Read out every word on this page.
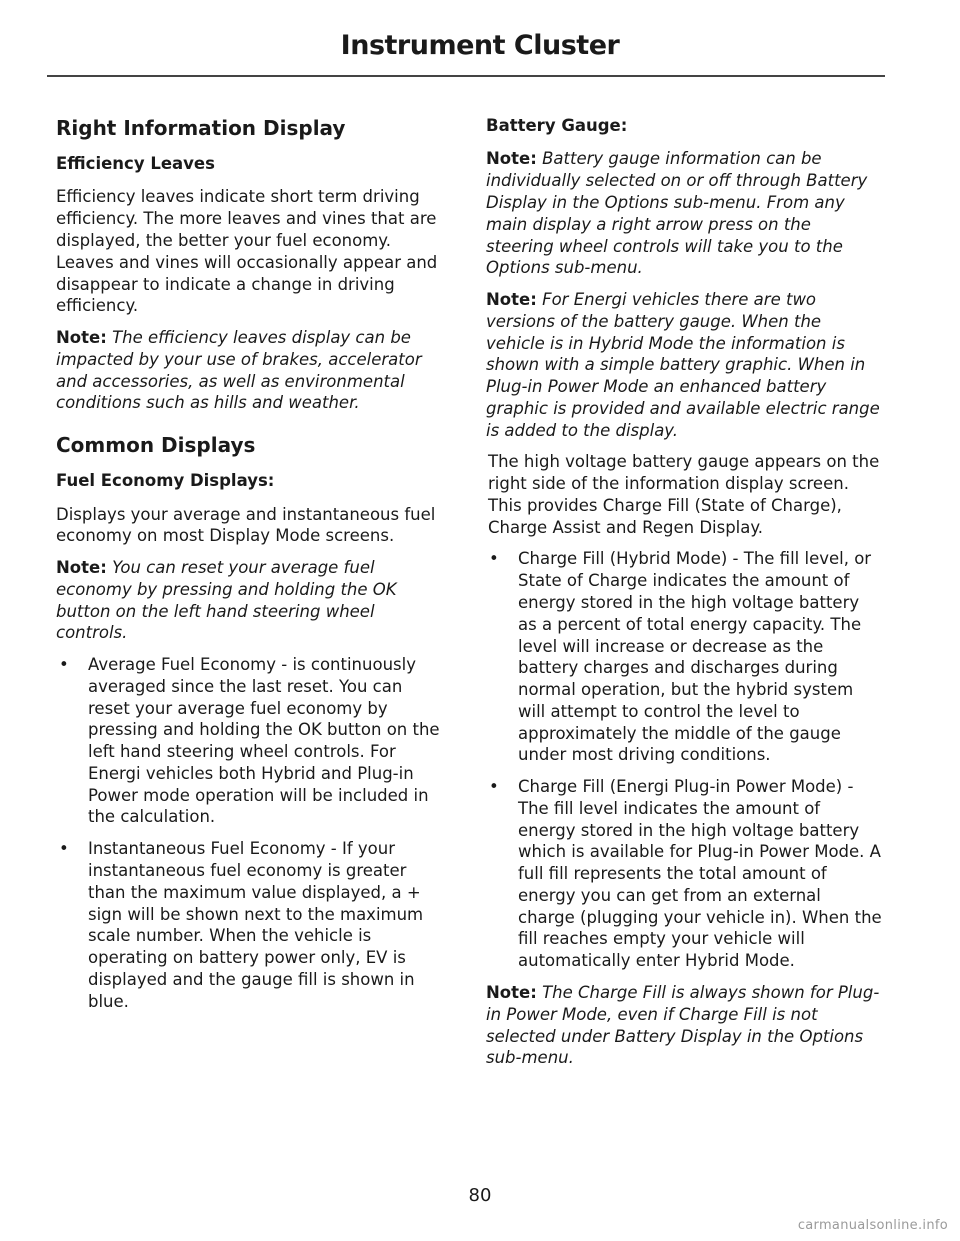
Instrument Cluster
Right Information Display
Efficiency Leaves

Efficiency leaves indicate short term driving efficiency. The more leaves and vines that are displayed, the better your fuel economy. Leaves and vines will occasionally appear and disappear to indicate a change in driving efficiency.

Note: The efficiency leaves display can be impacted by your use of brakes, accelerator and accessories, as well as environmental conditions such as hills and weather.

Common Displays
Fuel Economy Displays:

Displays your average and instantaneous fuel economy on most Display Mode screens.

Note: You can reset your average fuel economy by pressing and holding the OK button on the left hand steering wheel controls.

• Average Fuel Economy - is continuously averaged since the last reset. You can reset your average fuel economy by pressing and holding the OK button on the left hand steering wheel controls. For Energi vehicles both Hybrid and Plug-in Power mode operation will be included in the calculation.
• Instantaneous Fuel Economy - If your instantaneous fuel economy is greater than the maximum value displayed, a + sign will be shown next to the maximum scale number. When the vehicle is operating on battery power only, EV is displayed and the gauge fill is shown in blue.
Battery Gauge:

Note: Battery gauge information can be individually selected on or off through Battery Display in the Options sub-menu. From any main display a right arrow press on the steering wheel controls will take you to the Options sub-menu.

Note: For Energi vehicles there are two versions of the battery gauge. When the vehicle is in Hybrid Mode the information is shown with a simple battery graphic. When in Plug-in Power Mode an enhanced battery graphic is provided and available electric range is added to the display.

The high voltage battery gauge appears on the right side of the information display screen. This provides Charge Fill (State of Charge), Charge Assist and Regen Display.

• Charge Fill (Hybrid Mode) - The fill level, or State of Charge indicates the amount of energy stored in the high voltage battery as a percent of total energy capacity. The level will increase or decrease as the battery charges and discharges during normal operation, but the hybrid system will attempt to control the level to approximately the middle of the gauge under most driving conditions.
• Charge Fill (Energi Plug-in Power Mode) - The fill level indicates the amount of energy stored in the high voltage battery which is available for Plug-in Power Mode. A full fill represents the total amount of energy you can get from an external charge (plugging your vehicle in). When the fill reaches empty your vehicle will automatically enter Hybrid Mode.

Note: The Charge Fill is always shown for Plug-in Power Mode, even if Charge Fill is not selected under Battery Display in the Options sub-menu.

80
carmanualsonline.info
